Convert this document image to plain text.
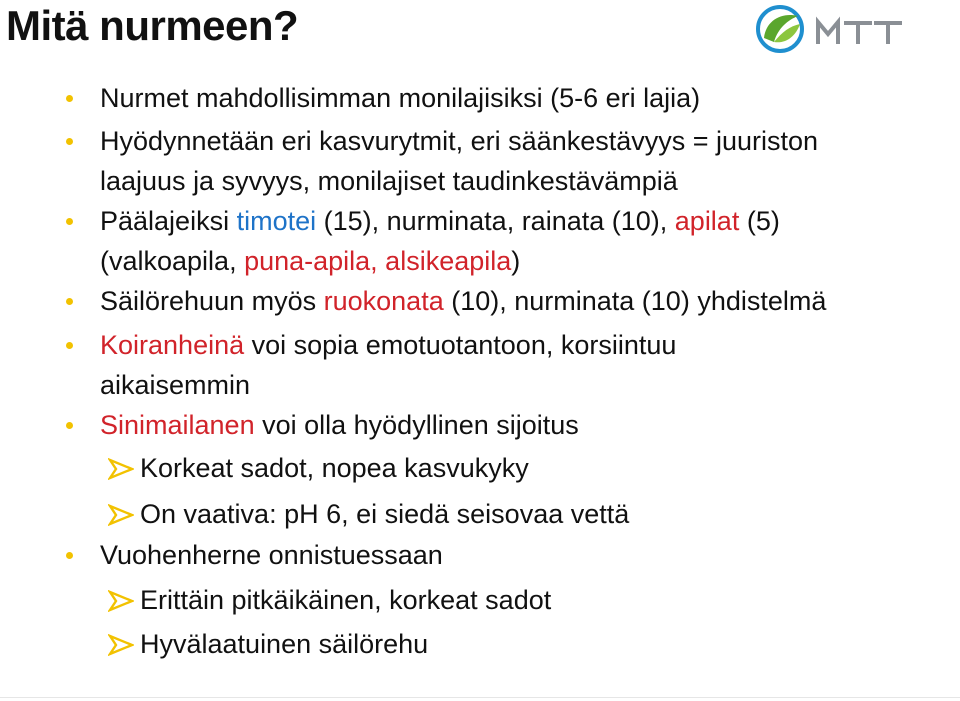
Mitä nurmeen?	MTT
Nurmet mahdollisimman monilajisiksi (5-6 eri lajia)
Hyödynnetään eri kasvurytmit, eri säänkestävyys = juuriston
laajuus ja syvyys, monilajiset taudinkestävämpiä
Päälajeiksi timotei (15), nurminata, rainata (10), apilat (5)
(valkoapila, puna-apila, alsikeapila)
Säilörehuun myös ruokonata (10), nurminata (10) yhdistelmä
Koiranheinä voi sopia emotuotantoon, korsiintuu
aikaisemmin
Sinimailanen voi olla hyödyllinen sijoitus
Korkeat sadot, nopea kasvukyky
On vaativa: pH 6, ei siedä seisovaa vettä
Vuohenherne onnistuessaan
Erittäin pitkäikäinen, korkeat sadot
Hyvälaatuinen säilörehu
